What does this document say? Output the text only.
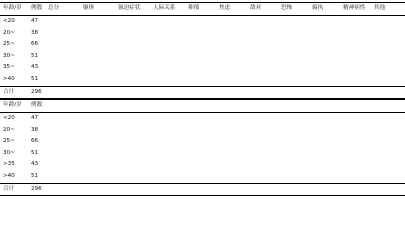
年龄/岁	例数	总分	躯体	强迫症状	人际关系	抑郁	焦虑	敌对	恐怖	偏执	精神病性	其他
<20	47											
20~	38											
25~	66											
30~	51											
35~	43											
>40	51											
合计	296											
年龄/岁	例数							
<20	47							
20~	38							
25~	66							
30~	51							
>35	43							
>40	51							
合计	296							
